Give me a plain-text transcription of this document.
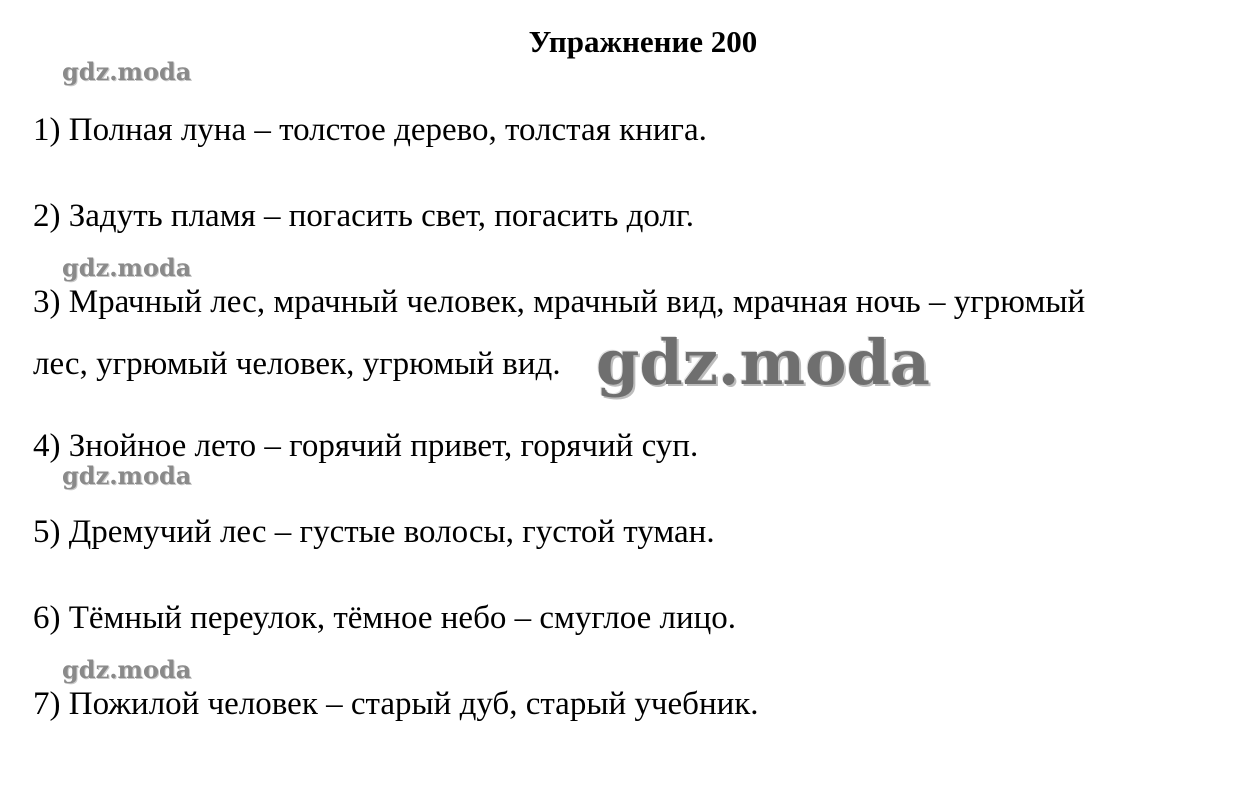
Упражнение 200
gdz.moda

1) Полная луна – толстое дерево, толстая книга.

2) Задуть пламя – погасить свет, погасить долг.

gdz.moda

3) Мрачный лес, мрачный человек, мрачный вид, мрачная ночь – угрюмый

лес, угрюмый человек, угрюмый вид. gdz.moda

4) Знойное лето – горячий привет, горячий суп.

gdz.moda

5) Дремучий лес – густые волосы, густой туман.

6) Тёмный переулок, тёмное небо – смуглое лицо.

gdz.moda

7) Пожилой человек – старый дуб, старый учебник.
